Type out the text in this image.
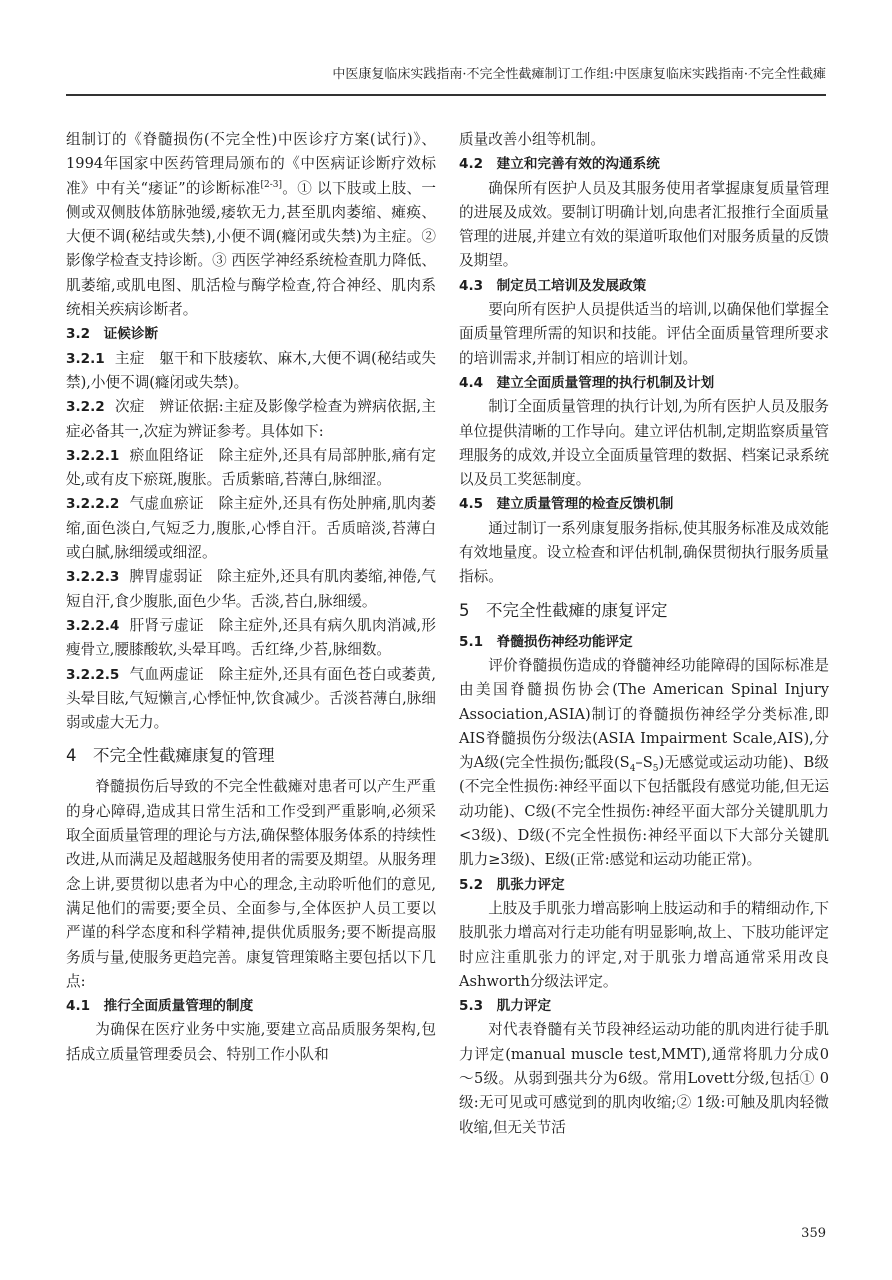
中医康复临床实践指南·不完全性截瘫制订工作组:中医康复临床实践指南·不完全性截瘫

组制订的《脊髓损伤(不完全性)中医诊疗方案(试行)》、1994年国家中医药管理局颁布的《中医病证诊断疗效标准》中有关“痿证”的诊断标准[2-3]。① 以下肢或上肢、一侧或双侧肢体筋脉弛缓,痿软无力,甚至肌肉萎缩、瘫痪、大便不调(秘结或失禁),小便不调(癃闭或失禁)为主症。② 影像学检查支持诊断。③ 西医学神经系统检查肌力降低、肌萎缩,或肌电图、肌活检与酶学检查,符合神经、肌肉系统相关疾病诊断者。

3.2　证候诊断

3.2.1 主症　躯干和下肢痿软、麻木,大便不调(秘结或失禁),小便不调(癃闭或失禁)。

3.2.2 次症　辨证依据:主症及影像学检查为辨病依据,主症必备其一,次症为辨证参考。具体如下:

3.2.2.1 瘀血阻络证　除主症外,还具有局部肿胀,痛有定处,或有皮下瘀斑,腹胀。舌质紫暗,苔薄白,脉细涩。

3.2.2.2 气虚血瘀证　除主症外,还具有伤处肿痛,肌肉萎缩,面色淡白,气短乏力,腹胀,心悸自汗。舌质暗淡,苔薄白或白腻,脉细缓或细涩。

3.2.2.3 脾胃虚弱证　除主症外,还具有肌肉萎缩,神倦,气短自汗,食少腹胀,面色少华。舌淡,苔白,脉细缓。

3.2.2.4 肝肾亏虚证　除主症外,还具有病久肌肉消减,形瘦骨立,腰膝酸软,头晕耳鸣。舌红绛,少苔,脉细数。

3.2.2.5 气血两虚证　除主症外,还具有面色苍白或萎黄,头晕目眩,气短懒言,心悸怔忡,饮食减少。舌淡苔薄白,脉细弱或虚大无力。

4　不完全性截瘫康复的管理

脊髓损伤后导致的不完全性截瘫对患者可以产生严重的身心障碍,造成其日常生活和工作受到严重影响,必须采取全面质量管理的理论与方法,确保整体服务体系的持续性改进,从而满足及超越服务使用者的需要及期望。从服务理念上讲,要贯彻以患者为中心的理念,主动聆听他们的意见,满足他们的需要;要全员、全面参与,全体医护人员工要以严谨的科学态度和科学精神,提供优质服务;要不断提高服务质与量,使服务更趋完善。康复管理策略主要包括以下几点:

4.1　推行全面质量管理的制度

为确保在医疗业务中实施,要建立高品质服务架构,包括成立质量管理委员会、特别工作小队和

质量改善小组等机制。

4.2　建立和完善有效的沟通系统

确保所有医护人员及其服务使用者掌握康复质量管理的进展及成效。要制订明确计划,向患者汇报推行全面质量管理的进展,并建立有效的渠道听取他们对服务质量的反馈及期望。

4.3　制定员工培训及发展政策

要向所有医护人员提供适当的培训,以确保他们掌握全面质量管理所需的知识和技能。评估全面质量管理所要求的培训需求,并制订相应的培训计划。

4.4　建立全面质量管理的执行机制及计划

制订全面质量管理的执行计划,为所有医护人员及服务单位提供清晰的工作导向。建立评估机制,定期监察质量管理服务的成效,并设立全面质量管理的数据、档案记录系统以及员工奖惩制度。

4.5　建立质量管理的检查反馈机制

通过制订一系列康复服务指标,使其服务标准及成效能有效地量度。设立检查和评估机制,确保贯彻执行服务质量指标。

5　不完全性截瘫的康复评定

5.1　脊髓损伤神经功能评定

评价脊髓损伤造成的脊髓神经功能障碍的国际标准是由美国脊髓损伤协会(The American Spinal Injury Association,ASIA)制订的脊髓损伤神经学分类标准,即AIS脊髓损伤分级法(ASIA Impairment Scale,AIS),分为A级(完全性损伤;骶段$(S_4-S_5)$无感觉或运动功能)、B级(不完全性损伤:神经平面以下包括骶段有感觉功能,但无运动功能)、C级(不完全性损伤:神经平面大部分关键肌肌力<3级)、D级(不完全性损伤:神经平面以下大部分关键肌肌力≥3级)、E级(正常:感觉和运动功能正常)。

5.2　肌张力评定

上肢及手肌张力增高影响上肢运动和手的精细动作,下肢肌张力增高对行走功能有明显影响,故上、下肢功能评定时应注重肌张力的评定,对于肌张力增高通常采用改良Ashworth分级法评定。

5.3　肌力评定

对代表脊髓有关节段神经运动功能的肌肉进行徒手肌力评定(manual muscle test,MMT),通常将肌力分成0～5级。从弱到强共分为6级。常用Lovett分级,包括① 0级:无可见或可感觉到的肌肉收缩;② 1级:可触及肌肉轻微收缩,但无关节活

359
